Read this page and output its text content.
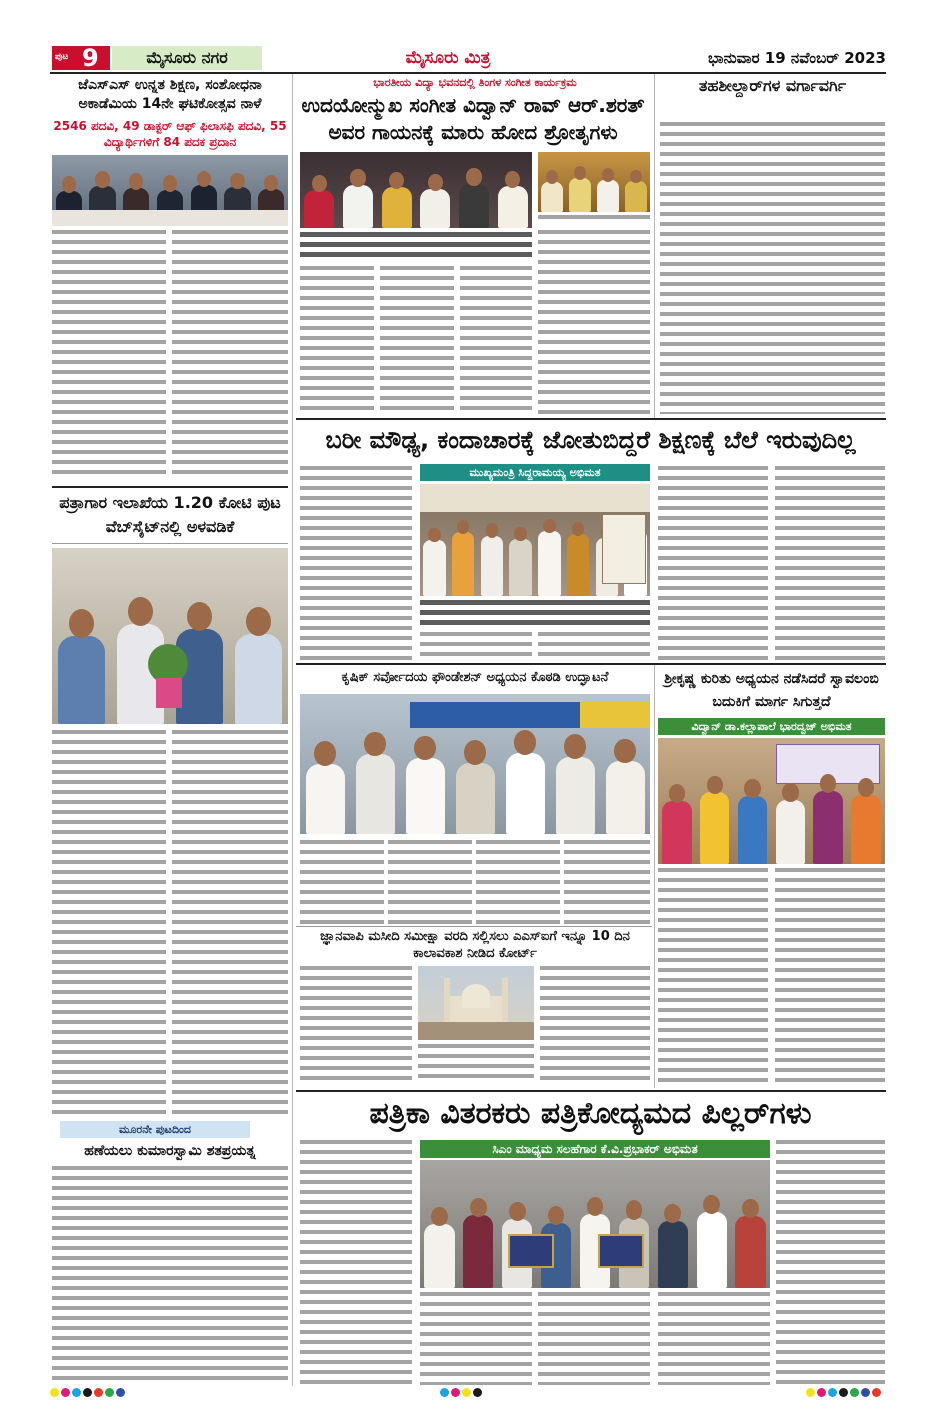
ಪುಟ 9	ಮೈಸೂರು ನಗರ	ಮೈಸೂರು ಮಿತ್ರ	ಭಾನುವಾರ 19 ನವೆಂಬರ್ 2023
ಜೆಎಸ್‌ಎಸ್ ಉನ್ನತ ಶಿಕ್ಷಣ, ಸಂಶೋಧನಾ ಅಕಾಡೆಮಿಯ 14ನೇ ಘಟಿಕೋತ್ಸವ ನಾಳೆ
2546 ಪದವಿ, 49 ಡಾಕ್ಟರ್ ಆಫ್ ಫಿಲಾಸಫಿ ಪದವಿ, 55 ವಿದ್ಯಾರ್ಥಿಗಳಿಗೆ 84 ಪದಕ ಪ್ರದಾನ
ಪತ್ರಾಗಾರ ಇಲಾಖೆಯ 1.20 ಕೋಟಿ ಪುಟ ವೆಬ್‌ಸೈಟ್‌ನಲ್ಲಿ ಅಳವಡಿಕೆ
ಮೂರನೇ ಪುಟದಿಂದ
ಹಣೆಯಲು ಕುಮಾರಸ್ವಾಮಿ ಶತಪ್ರಯತ್ನ
ಭಾರತೀಯ ವಿದ್ಯಾ ಭವನದಲ್ಲಿ ತಿಂಗಳ ಸಂಗೀತ ಕಾರ್ಯಕ್ರಮ
ಉದಯೋನ್ಮುಖ ಸಂಗೀತ ವಿದ್ವಾನ್ ರಾವ್ ಆರ್.ಶರತ್ ಅವರ ಗಾಯನಕ್ಕೆ ಮಾರು ಹೋದ ಶ್ರೋತೃಗಳು
ತಹಶೀಲ್ದಾರ್‌ಗಳ ವರ್ಗಾವರ್ಗಿ
ಬರೀ ಮೌಢ್ಯ, ಕಂದಾಚಾರಕ್ಕೆ ಜೋತುಬಿದ್ದರೆ ಶಿಕ್ಷಣಕ್ಕೆ ಬೆಲೆ ಇರುವುದಿಲ್ಲ
ಮುಖ್ಯಮಂತ್ರಿ ಸಿದ್ದರಾಮಯ್ಯ ಅಭಿಮತ
ಕೃಷಿಕ್ ಸರ್ವೋದಯ ಫೌಂಡೇಶನ್ ಅಧ್ಯಯನ ಕೊಠಡಿ ಉದ್ಘಾಟನೆ	ಶ್ರೀಕೃಷ್ಣ ಕುರಿತು ಅಧ್ಯಯನ ನಡೆಸಿದರೆ ಸ್ವಾವಲಂಬಿ ಬದುಕಿಗೆ ಮಾರ್ಗ ಸಿಗುತ್ತದೆ
ವಿದ್ವಾನ್ ಡಾ.ಕಲ್ಲಾಪಾಲೆ ಭಾರದ್ವಜ್ ಅಭಿಮತ
ಜ್ಞಾನವಾಪಿ ಮಸೀದಿ ಸಮೀಕ್ಷಾ ವರದಿ ಸಲ್ಲಿಸಲು ಎಎಸ್‌ಐಗೆ ಇನ್ನೂ 10 ದಿನ ಕಾಲಾವಕಾಶ ನೀಡಿದ ಕೋರ್ಟ್
ಪತ್ರಿಕಾ ವಿತರಕರು ಪತ್ರಿಕೋದ್ಯಮದ ಪಿಲ್ಲರ್‌ಗಳು
ಸಿಎಂ ಮಾಧ್ಯಮ ಸಲಹೆಗಾರ ಕೆ.ವಿ.ಪ್ರಭಾಕರ್ ಅಭಿಮತ
